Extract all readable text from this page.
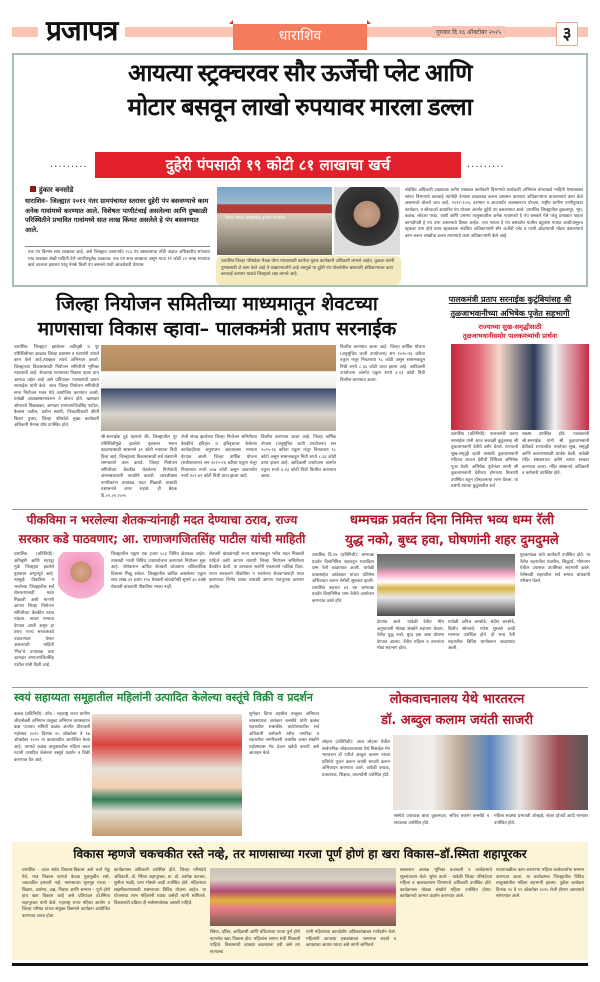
प्रजापत्र	धाराशिव	गुरुवार दि.१६ ऑक्टोबर २०२५	३
आयत्या स्ट्रक्चरवर सौर ऊर्जेची प्लेट आणि
मोटार बसवून लाखो रुपयावर मारला डल्ला
·········	दुहेरी पंपसाठी १९ कोटी ८१ लाखाचा खर्च	·········
हुंकार बनसोडे
धाराशिव– जिल्ह्यात २०१२ नंतर ग्रामपंचायत स्तरावर दुहेरी पंप बसवण्याचे काम अनेक गावांमध्ये करण्यात आले. विशेषतः पाणीटंचाई असलेल्या आणि दुष्काळी परिस्थितीने प्रभावित गावांमध्ये सात लाख किंमत असलेले हे पंप बसवण्यात आले.
एक पंप किमान सात लाखाचा आहे, असे जिल्ह्यात आतापर्यंत २८३ पंप बसवल्याचा तोंडी अंदाज अधिकारीय सांगतात मात्र याबाबत लेखी माहिती देणे जाणीवपूर्वक टाळतात. एक पंप सात लाखाचा असून याचा १९ कोटी ८१ लाख रुपयांचा खर्च आजवर झालाय परंतु नेमके किती पंप बसवले याची आकडेवारी देण्यास
जिल्हा परिषद प्रशासकीय इमारत धाराशिव
धाराशिव जिल्हा परिषदेला मैत्रक योग्य यांच्यासाठी कार्यरत युवक कार्यकारी अधिकारी लाभले आहेत. तुळजा त्यांनी पुण्यासाठी जे काम केले आहे ते वाखाण्याजोगे आहे त्यामुळे या दुहेरी पंप योजनेतील भ्रष्टाचारी अधिकाऱ्यावर काय कारवाई करणार याकडे जिल्ह्याचे लक्ष लागले आहे.
संबंधित अधिकारी टाळाटाळ करीत याबाबत कार्यकारी विभागाचे कार्यकारी अभियंता यांच्याकडे माहिती देण्याबाबत सांगत विभागाचे कारवाई त्यांनीही देण्यास टाळाटाळ करून प्रशासन करणारा अधिकाऱ्यांना वाचवण्याचे काम केले असल्याचे बोलले जात आहे. २०१२-२०१८ दरम्यान व आजपर्यंत जलस्वराज्य योजना, राष्ट्रीय ग्रामीण पाणीपुरवठा कार्यक्रम, व सौरऊर्जा आधारित पंप योजना अंतर्गत दुहेरी पंप बसवण्यात आले. धाराशिव जिल्ह्यातील तुळजापूर, भूम, कळंब, लोहारा परंडा, वाशी आणि उमरगा तालुक्यातील अनेक गावांमध्ये हे पंप बसवले गेले परंतु प्रत्यक्षात पाहता कागदोपत्री हे पंप उभा असल्याचे दिसत आहेत. ज्या गावात हे पंप बसवलेत यातील बहुतांश गावात आधीपासूनच स्ट्रक्चर उभा होते त्याच स्ट्रक्चरला संबंधित अधिकाऱ्यांनी सौर ऊर्जेची प्लेट व पाणी ओढण्याची मोटार बसवण्याचे काम करून लाखोंचा डल्ला मारण्याचे काम अधिकाऱ्यांनी केले आहे.
जिल्हा नियोजन समितीच्या माध्यमातून शेवटच्या
माणसाचा विकास व्हावा– पालकमंत्री प्रताप सरनाईक
धाराशिव- जिल्ह्यात झालेल्या अतिवृष्टी व पूर परिस्थितीच्या काळात जिल्हा प्रशासन व यंत्रणांनी चांगले काम केले आहे.त्याबद्दल त्यांचे अभिनंदन करतो. जिल्ह्याच्या विकासासाठी नियोजन समितीची भूमिका महत्त्वाची आहे. शेवटच्या माणसाचा विकास व्हावा हाच आमचा उद्देश आहे असे प्रतिपादन पालकमंत्री प्रताप सरनाईक यांनी केले. आज जिल्हा नियोजन समितीची सभा नियोजन भवन येथे आयोजित करण्यात आली, यावेळी अध्यक्षस्थानावरून ते बोलत होते. खासदार ओमराजे निंबाळकर, आमदार राणाजगजितसिंह पाटील, कैलास पाटील, प्रवीण स्वामी, जिल्हाधिकारी कीर्ती किरण पुजार, जिल्हा परिषदेचे मुख्य कार्यकारी अधिकारी मैनाक घोष उपस्थित होते.
श्री.सरनाईक पुढे म्हणाले की, जिल्ह्यातील पूर परिस्थितीमुळे झालेले नुकसान भरून काढण्यासाठी शासनाने ३१ कोटी रुपयांचा निधी दिला आहे. जिल्ह्याच्या विकासासाठी सर्व यंत्रणांनी समन्वयाने काम करावे. जिल्हा नियोजन समितीच्या बैठकीत घेतलेल्या निर्णयांची अंमलबजावणी तातडीने करावी. आपत्तीग्रस्त नागरिकांना तात्काळ मदत मिळावी यासाठी प्रशासनाने तत्पर राहावे. ही बैठक दि.०१.०९.२०२५
रोजी संपन्न झालेल्या जिल्हा नियोजन समितीच्या बैठकीचे इतिवृत्त व इतिवृत्तावर केलेल्या कार्यवाहीच्या अनुपालन अहवालास मान्यता देण्यात आली. जिल्हा वार्षिक योजना (सर्वसाधारण) सन २०२५-२६ करिता एकूण मंजूर नियतव्यय रुपये ४५७ कोटी असून आतापर्यंत रुपये १०२.४९ कोटी निधी प्राप्त झाला आहे.
वितरित करण्यात आला आहे. जिल्हा वार्षिक योजना (अनुसूचित जाती उपयोजना) सन २०२५-२६ करिता एकूण मंजूर नियतव्यय ९८ कोटी असून शासनाकडून निधी रुपये ८.६६ कोटी प्राप्त झाला आहे. आदिवासी उपयोजना अंतर्गत एकूण रुपये ४.१३ कोटी निधी वितरित करण्यात आला.
पालकमंत्री प्रताप सरनाईक कुटुंबियांसह श्री
तुळजाभवानीच्या अभिषेक पूजेत सहभागी
राज्याच्या सुख-समृद्धीसाठी
तुळजाभवानीसमोर पालकमंत्र्यांची प्रार्थना
वितरित करण्यात आला आहे. जिल्हा वार्षिक योजना (अनुसूचित जाती उपयोजना) सन २०२५-२६ करिता एकूण मंजूर नियतव्यय ९८ कोटी असून शासनाकडून निधी रुपये ८.६६ कोटी प्राप्त झाला आहे. आदिवासी उपयोजना अंतर्गत एकूण रुपये ४.१३ कोटी निधी वितरित करण्यात आला.
धाराशिव (प्रतिनिधी): पालकमंत्री प्रताप सरनाईक यांनी आज सकाळी कुटुंबासह श्री तुळजाभवानी देवीचे दर्शन घेतले. राज्याची सुख-समृद्धी व्हावी यासाठी तुळजाभवानी मंदिरात जाऊन देवीची विधिवत अभिषेक पूजा केली. अभिषेक पूजेनंतर त्यांनी श्री तुळजाभवानी देवीच्या होमाच्या ठिकाणी उपस्थित राहून होमहवनाचा लाभ घेतला. या प्रसंगी त्यांच्या कुटुंबातील सर्व
सदस्य उपस्थित होते. पालकमंत्री श्री.सरनाईक यांनी श्री तुळजाभवानी देवीकडे राज्यातील जनतेच्या सुख, समृद्धी आणि कल्याणासाठी प्रार्थना केली. यावेळी मंदिर संस्थानच्या वतीने त्यांचा सत्कार करण्यात आला. मंदिर संस्थानचे अधिकारी व कर्मचारी उपस्थित होते.
पीकविमा न भरलेल्या शेतकऱ्यांनाही मदत देण्याचा ठराव, राज्य
सरकार कडे पाठवणार; आ. राणाजगजितसिंह पाटील यांची माहिती
धाराशिव (प्रतिनिधी): अतिवृष्टी आणि महापूर मुळे जिल्ह्यात झालेले नुकसान अभूतपूर्व आहे. त्यामुळे पीकविमा न भरलेल्या जिल्ह्यातील सर्व शेतकऱ्यांनाही मदत मिळावी अशी मागणी आपण जिल्हा नियोजन समितीच्या बैठकीत ठराव मांडला. त्याला मान्यता देण्यात आली असून हा ठराव राज्य सरकारकडे पाठवण्यात येणार असल्याची माहिती 'मित्र'चे उपाध्यक्ष तथा आमदार राणाजगजितसिंह पाटील यांनी दिली आहे.
जिल्ह्यातील एकूण एक हजार ५८३ विमित क्षेत्रफळ आहेत. त्यासाठी भाजी विविध उपाययोजना करण्याचे नियोजन सुरू आहे. जेणेकरून बाधित शेतकरी बांधवांना अधिकाधिक दिलासा मिळू शकेल. जिल्ह्यातील बाधित असलेल्या एकूण सात लाख ३९ हजार १९० शेतकरी बांधवांपैकी सुमारे ३० टक्के शेतकरी बांधवांनी पीकविमा भरला नाही.
शेतकरी बांधवांनाही राज्य शासनाकडून भरीव मदत मिळाली पाहिजे अशी आपण मागणी जिल्हा नियोजन समितीच्या बैठकीत केली. या ठरावाला सर्वांनी एकमताने पाठिंबा दिला. राज्य सरकारने पीकविमा न भरलेल्या शेतकऱ्यांनाही मदत करण्याचा निर्णय घ्यावा यासाठी आपण पाठपुरावा करणार आहोत.
धम्मचक्र प्रवर्तन दिना निमित्त भव्य धम्म रॅली
युद्ध नको, बुध्द हवा, घोषणांनी शहर दुमदुमले
धाराशिव दि.१४ (प्रतिनिधी): धम्मचक्र प्रवर्तन दिनानिमित्त शहरातून भव्यदिव्य धम्म रॅली काढण्यात आली. यावेळी बाबासाहेब आंबेडकर यांच्या प्रतिमेस अभिवादन करून रॅलीची सुरुवात झाली. धाराशिव शहरात ६९ व्या धम्मचक्र प्रवर्तन दिनानिमित्त धम्म रॅलीचे आयोजन करण्यात आले होते.
देण्यात आले. यावेळी रॅलीत भीम अनुयायांनी मोठ्या संख्येने सहभाग घेतला. रॅलीत युद्ध नको, बुध्द हवा अशा घोषणा देण्यात आल्या. रॅलीत महिला व तरुणांचा मोठा सहभाग होता.
यावेळी अनिल बनसोडे, संदीप बनसोडे, दिलीप सोनवणे, गणेश सुरवसे आदी मान्यवर उपस्थित होते. ही भव्य रॅली शहरातील विविध मार्गावरून काढण्यात आली.
युवकमंडळ यांचे कार्यकर्ते उपस्थित होते. या रॅलीत शहरातील पंचशील, सिद्धार्थ, भीमनगर येथील उपासक उपासिका सहभागी झाले. रॅलीसाठी शहरातील सर्व समाज बांधवांनी परिश्रम घेतले.
स्वयं सहाय्यता समूहातील महिलांनी उत्पादित केलेल्या वस्तूंचे विक्री व प्रदर्शन
कळंब (प्रतिनिधी): उमेद - महाराष्ट्र राज्य ग्रामीण जीवनोन्नती अभियान तालुका अभियान व्यवस्थापन कक्ष पंचायत समिती कळंब अंतर्गत दीपावली महोत्सव २०२५ दिनांक १५ ऑक्टोबर ते १७ ऑक्टोबर २०२५ या कालावधीत आयोजित केला आहे. यामध्ये कळंब तालुक्यातील महिला बचत गटांनी उत्पादित केलेल्या वस्तूंचे प्रदर्शन व विक्री करण्यात येत आहे.
सुभेदार दिग्या तहसील तालुका अभियान व्यवस्थापक अलंकार बनसोडे यांनी कळंब शहरातील शासकीय कार्यालयातील सर्व अधिकारी कर्मचारी तसेच नागरिक व शहरातील नागरिकांनी जास्तीत जास्त संख्येने महोत्सवास भेट देऊन खरेदी करावी असे आवाहन केले.
लोकवाचनालय येथे भारतरत्न
डॉ. अब्दुल कलाम जयंती साजरी
लोहारा (प्रतिनिधी): आज लोहारा येथील सार्वजनिक लोकवाचनालय येथे मिसाईल मॅन भारतरत्न डॉ एपीजे अब्दुल कलाम यांच्या प्रतिमेचे पूजन करून जयंती साजरी करून अभिवादन करण्यात आले. यावेळी वाचक, प्राध्यापक, शिक्षक, वाचनप्रेमी उपस्थित होते.
संस्थेचे उपाध्यक्ष बाबा दुकानदार, सचिव बजरंग बनसोडे व संचालक उपस्थित होते.
महिला सदस्या प्रभावती ओव्हळे, शंकर होतार्डे आदी मान्यवर उपस्थित होते.
विकास म्हणजे चकचकीत रस्ते नव्हे, तर माणसाच्या गरजा पूर्ण होणं हा खरा विकास–डॉ.स्मिता शहापूरकर
धाराशिव - आज सर्वत्र विकास-विकास असे चर्चा ऐकू येते, मात्र विकास म्हणजे केवळ गुळगुळीत रस्ते, चकचकीत इमारती नव्हे. माणसाच्या मूलभूत गरजा - शिक्षण, आरोग्य, अन्न, निवारा आणि सन्मान - पूर्ण होणे हाच खरा विकास आहे असे प्रतिपादन डॉ.स्मिता शहापूरकर यांनी केले. महाराष्ट्र राज्य महिला आयोग व जिल्हा परिषद यांच्या संयुक्त विद्यमाने कार्यक्रम आयोजित करण्यात आला होता.
कार्यक्रमास अधिकारी उपस्थित होते. जिल्हा परिषदेचे अधिकारी, डॉ. स्मिता शहापूरकर, प्रा. डॉ. अशोक वाटकर, सुनीता माळी, प्रभा भोसले आदी उपस्थित होते. महिलांच्या सक्षमीकरणासाठी शासनाच्या विविध योजना आहेत. या योजनांचा लाभ महिलांनी घ्यावा असेही त्यांनी सांगितले. विकासाची प्रक्रिया ही सर्वसमावेशक असली पाहिजे.
स्त्रिया, दलित, आदिवासी आणि वंचितांच्या गरजा पूर्ण होणे म्हणजेच खरा विकास होय. महिलांना समान संधी मिळाली पाहिजे. विकासाची व्याख्या बदलायला हवी असे त्या म्हणाल्या.
यांनी महिलांच्या कायदेशीर अधिकारांबाबत मार्गदर्शन केले. महिलांनी आपल्या हक्कांबाबत जागरूक राहावे व कायद्याचा आधार घ्यावा असे त्यांनी सांगितले.
सत्कारात अध्यक्ष भूमिका बजावली व कार्यक्रमाचे सूत्रसंचालन केले. सुरेश डावरे - यावेळी जिल्हा परिषदेच्या महिला व बालकल्याण विभागाचे अधिकारी उपस्थित होते. कार्यक्रमास मोठ्या संख्येने महिला उपस्थित होत्या. कार्यक्रमाचे आभार प्रदर्शन करण्यात आले.
गावपातळीवर काम करणाऱ्या महिला कार्यकर्त्यांचा सन्मान करण्यात आला. या कार्यक्रमात जिल्ह्यातील विविध तालुक्यांतील महिला सहभागी झाल्या. पुढील कार्यक्रम दिनांक २० ते २२ ऑक्टोबर २०२५ रोजी होणार असल्याचे सांगण्यात आले.
